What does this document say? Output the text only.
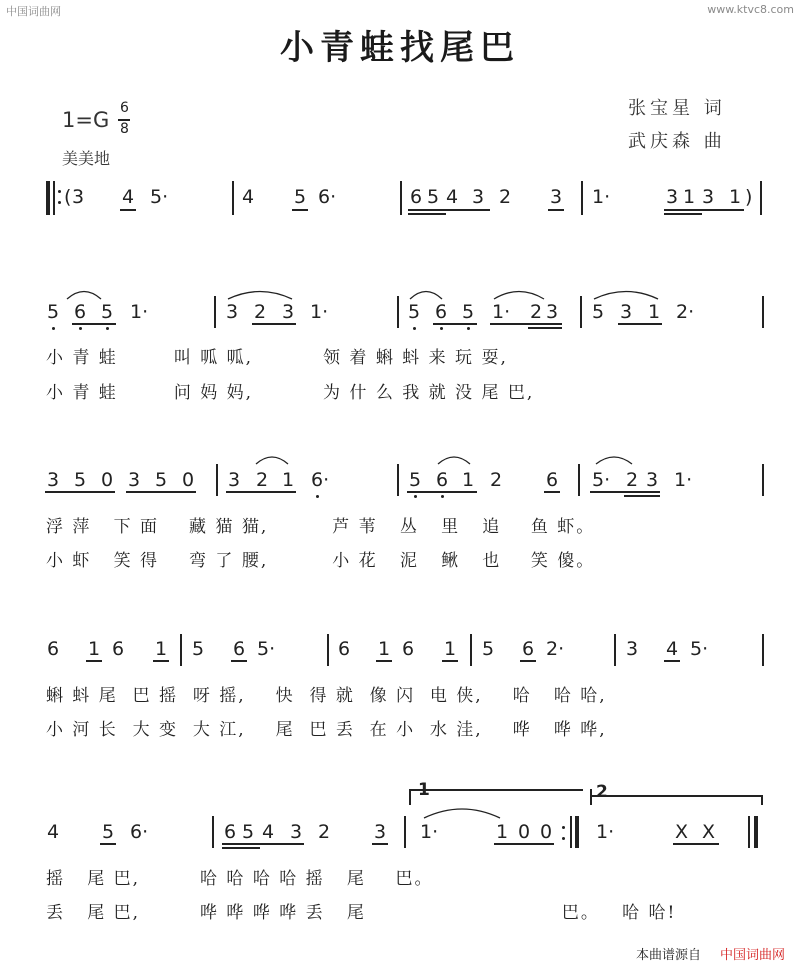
中国词曲网	www.ktvc8.com
小青蛙找尾巴
1=G 6
8
美美地
张宝星 词
武庆森 曲
( 3 4 5·	4 5 6·	6 5 4 3 2 3 1·	3 1 3 1 )
5 6 5 1·	3 2 3 1·	5 6 5 1· 2 3 5 3 1 2·
小 青 蛙	叫 呱 呱,	领 着 蝌 蚪 来 玩 耍,
小 青 蛙	问 妈 妈,	为 什 么 我 就 没 尾 巴,
3 5 0 3 5 0 3 2 1 6·	5 6 1 2 6 5· 2 3 1·
浮 萍   下 面 藏 猫 猫,	芦 苇   丛   里   追    鱼 虾。
小 虾   笑 得 弯 了 腰,	小 花   泥   鳅   也    笑 傻。
6 1 6 1 5 6 5·	6 1 6 1 5 6 2·	3 4 5·
蝌 蚪 尾  巴 摇  呀 摇, 快  得 就  像 闪  电 侠, 哈   哈 哈,
小 河 长  大 变  大 江, 尾  巴 丢  在 小  水 洼, 哗   哗 哗,
1	2
4 5 6·	6 5 4 3 2 3 1·	1 0 0 1·	X X
摇   尾 巴,	哈 哈 哈 哈 摇   尾    巴。
丢   尾 巴,	哗 哗 哗 哗 丢   尾	巴。   哈 哈!
本曲谱源自 中国词曲网
